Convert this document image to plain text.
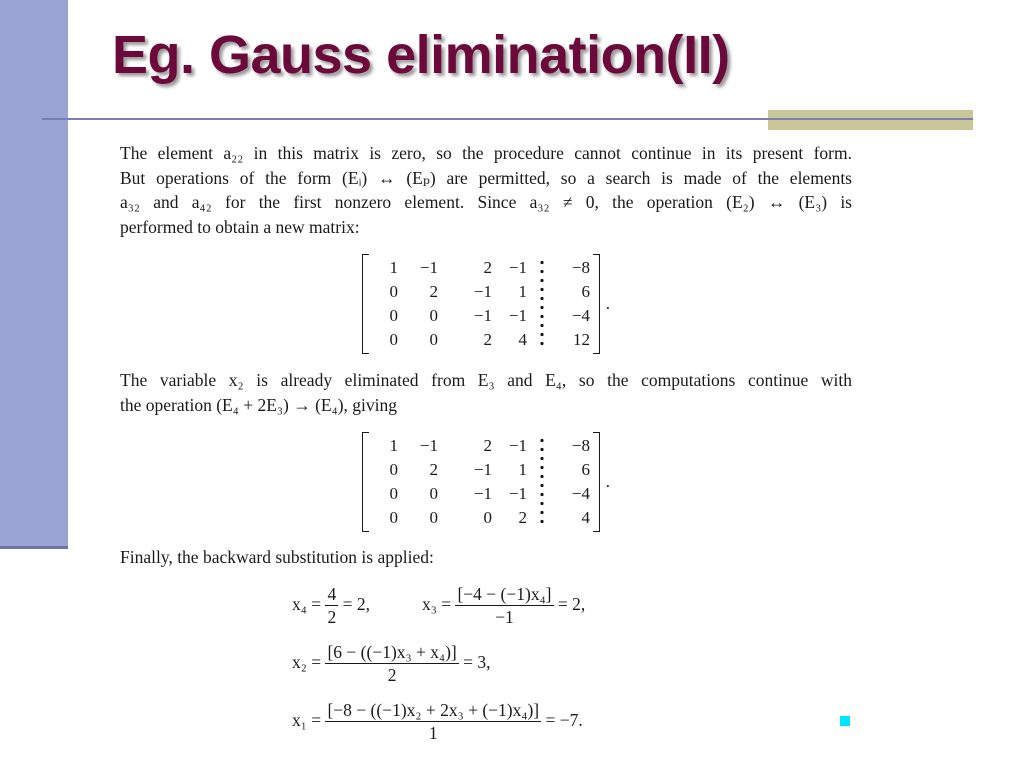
Eg. Gauss elimination(II)
The element a₂₂ in this matrix is zero, so the procedure cannot continue in its present form.
But operations of the form (Eᵢ) ↔ (Eₚ) are permitted, so a search is made of the elements
a₃₂ and a₄₂ for the first nonzero element. Since a₃₂ ≠ 0, the operation (E₂) ↔ (E₃) is
performed to obtain a new matrix:
.
1	−1	2 −1	−8
0	2	−1	1	6
0	0	−1 −1	−4
0	0	2	4	12
The variable x₂ is already eliminated from E₃ and E₄, so the computations continue with
the operation (E₄ + 2E₃) → (E₄), giving
.
1	−1	2 −1	−8
0	2	−1	1	6
0	0	−1 −1	−4
0	0	0	2	4
Finally, the backward substitution is applied:
$x_4 = \frac{4}{2} = 2$,	$x_3 = \frac{\text{[−4 − (−1)x₄]}}{-1} = 2$,
$x_2 = \frac{\text{[6 − ((−1)x₃ + x₄)]}}{2} = 3$,
$x_1 = \frac{\text{[−8 − ((−1)x₂ + 2x₃ + (−1)x₄)]}}{1} = -7$.
